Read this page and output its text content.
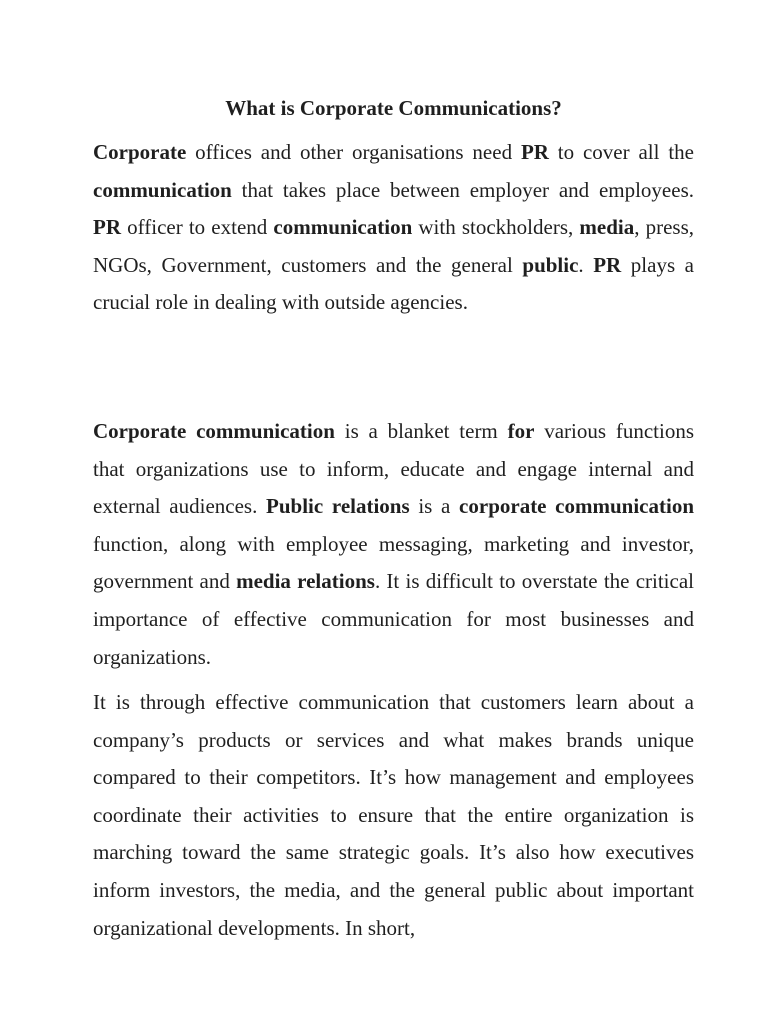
What is Corporate Communications?

Corporate offices and other organisations need PR to cover all the communication that takes place between employer and employees. PR officer to extend communication with stockholders, media, press, NGOs, Government, customers and the general public. PR plays a crucial role in dealing with outside agencies.

Corporate communication is a blanket term for various functions that organizations use to inform, educate and engage internal and external audiences. Public relations is a corporate communication function, along with employee messaging, marketing and investor, government and media relations. It is difficult to overstate the critical importance of effective communication for most businesses and organizations.

It is through effective communication that customers learn about a company’s products or services and what makes brands unique compared to their competitors. It’s how management and employees coordinate their activities to ensure that the entire organization is marching toward the same strategic goals. It’s also how executives inform investors, the media, and the general public about important organizational developments. In short,
